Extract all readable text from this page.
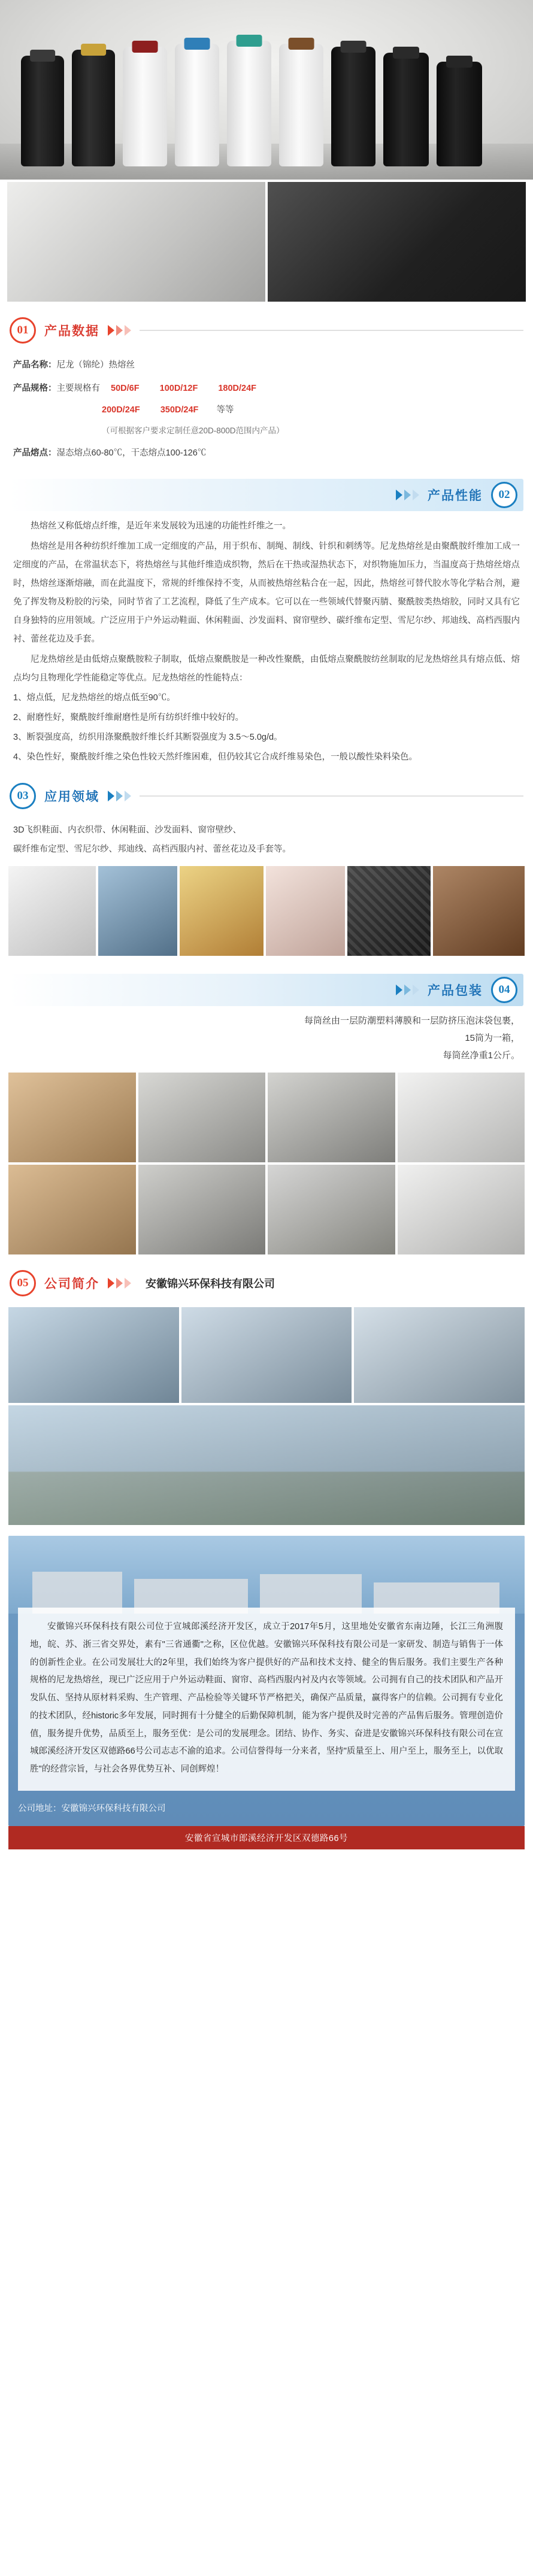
01	产品数据

产品名称：尼龙（锦纶）热熔丝

产品规格：主要规格有 50D/6F 100D/12F 180D/24F

200D/24F 350D/24F 等等

（可根据客户要求定制任意20D-800D范围内产品）

产品熔点：湿态熔点60-80℃，干态熔点100-126℃

产品性能	02

热熔丝又称低熔点纤维，是近年来发展较为迅速的功能性纤维之一。

热熔丝是用各种纺织纤维加工成一定细度的产品，用于织布、制绳、制线、针织和刺绣等。尼龙热熔丝是由聚酰胺纤维加工成一定细度的产品，在常温状态下，将热熔丝与其他纤维造成织物，然后在干热或湿热状态下，对织物施加压力，当温度高于热熔丝熔点时，热熔丝逐渐熔融，而在此温度下，常规的纤维保持不变，从而被热熔丝粘合在一起，因此，热熔丝可替代胶水等化学粘合剂，避免了挥发物及粉胶的污染，同时节省了工艺流程，降低了生产成本。它可以在一些领域代替聚丙腈、聚酰胺类热熔胶，同时又具有它自身独特的应用领域。广泛应用于户外运动鞋面、休闲鞋面、沙发面料、窗帘壁纱、碳纤维布定型、雪尼尔纱、邦迪线、高档西服内衬、蕾丝花边及手套。

尼龙热熔丝是由低熔点聚酰胺粒子制取，低熔点聚酰胺是一种改性聚酰，由低熔点聚酰胺纺丝制取的尼龙热熔丝具有熔点低、熔点均匀且物理化学性能稳定等优点。尼龙热熔丝的性能特点：

1、熔点低，尼龙热熔丝的熔点低至90℃。

2、耐磨性好，聚酰胺纤维耐磨性是所有纺织纤维中较好的。

3、断裂强度高，纺织用涤聚酰胺纤维长纤其断裂强度为 3.5～5.0g/d。

4、染色性好，聚酰胺纤维之染色性较天然纤维困难，但仍较其它合成纤维易染色，一般以酸性染料染色。

03	应用领域

3D飞织鞋面、内衣织带、休闲鞋面、沙发面料、窗帘壁纱、

碳纤维布定型、雪尼尔纱、邦迪线、高档西服内衬、蕾丝花边及手套等。

产品包装	04
每筒丝由一层防潮塑料薄膜和一层防挤压泡沫袋包裹，
15筒为一箱，
每筒丝净重1公斤。
05	公司简介	安徽锦兴环保科技有限公司

安徽锦兴环保科技有限公司位于宣城郎溪经济开发区，成立于2017年5月，这里地处安徽省东南边陲，长江三角洲腹地，皖、苏、浙三省交界处，素有"三省通衢"之称，区位优越。安徽锦兴环保科技有限公司是一家研发、制造与销售于一体的创新性企业。在公司发展壮大的2年里，我们始终为客户提供好的产品和技术支持、健全的售后服务。我们主要生产各种规格的尼龙热熔丝，现已广泛应用于户外运动鞋面、窗帘、高档西服内衬及内衣等领域。公司拥有自己的技术团队和产品开发队伍、坚持从原材料采购、生产管理、产品检验等关键环节严格把关，确保产品质量，赢得客户的信赖。公司拥有专业化的技术团队，经historic多年发展，同时拥有十分健全的后勤保障机制，能为客户提供及时完善的产品售后服务。管理创造价值，服务提升优势，品质至上，服务至优：是公司的发展理念。团结、协作、务实、奋进是安徽锦兴环保科技有限公司在宣城郎溪经济开发区双德路66号公司志志不渝的追求。公司信誉得每一分来者，坚持"质量至上、用户至上，服务至上，以优取胜"的经营宗旨，与社会各界优势互补、同创辉煌！

公司地址：安徽锦兴环保科技有限公司
安徽省宣城市郎溪经济开发区双德路66号
